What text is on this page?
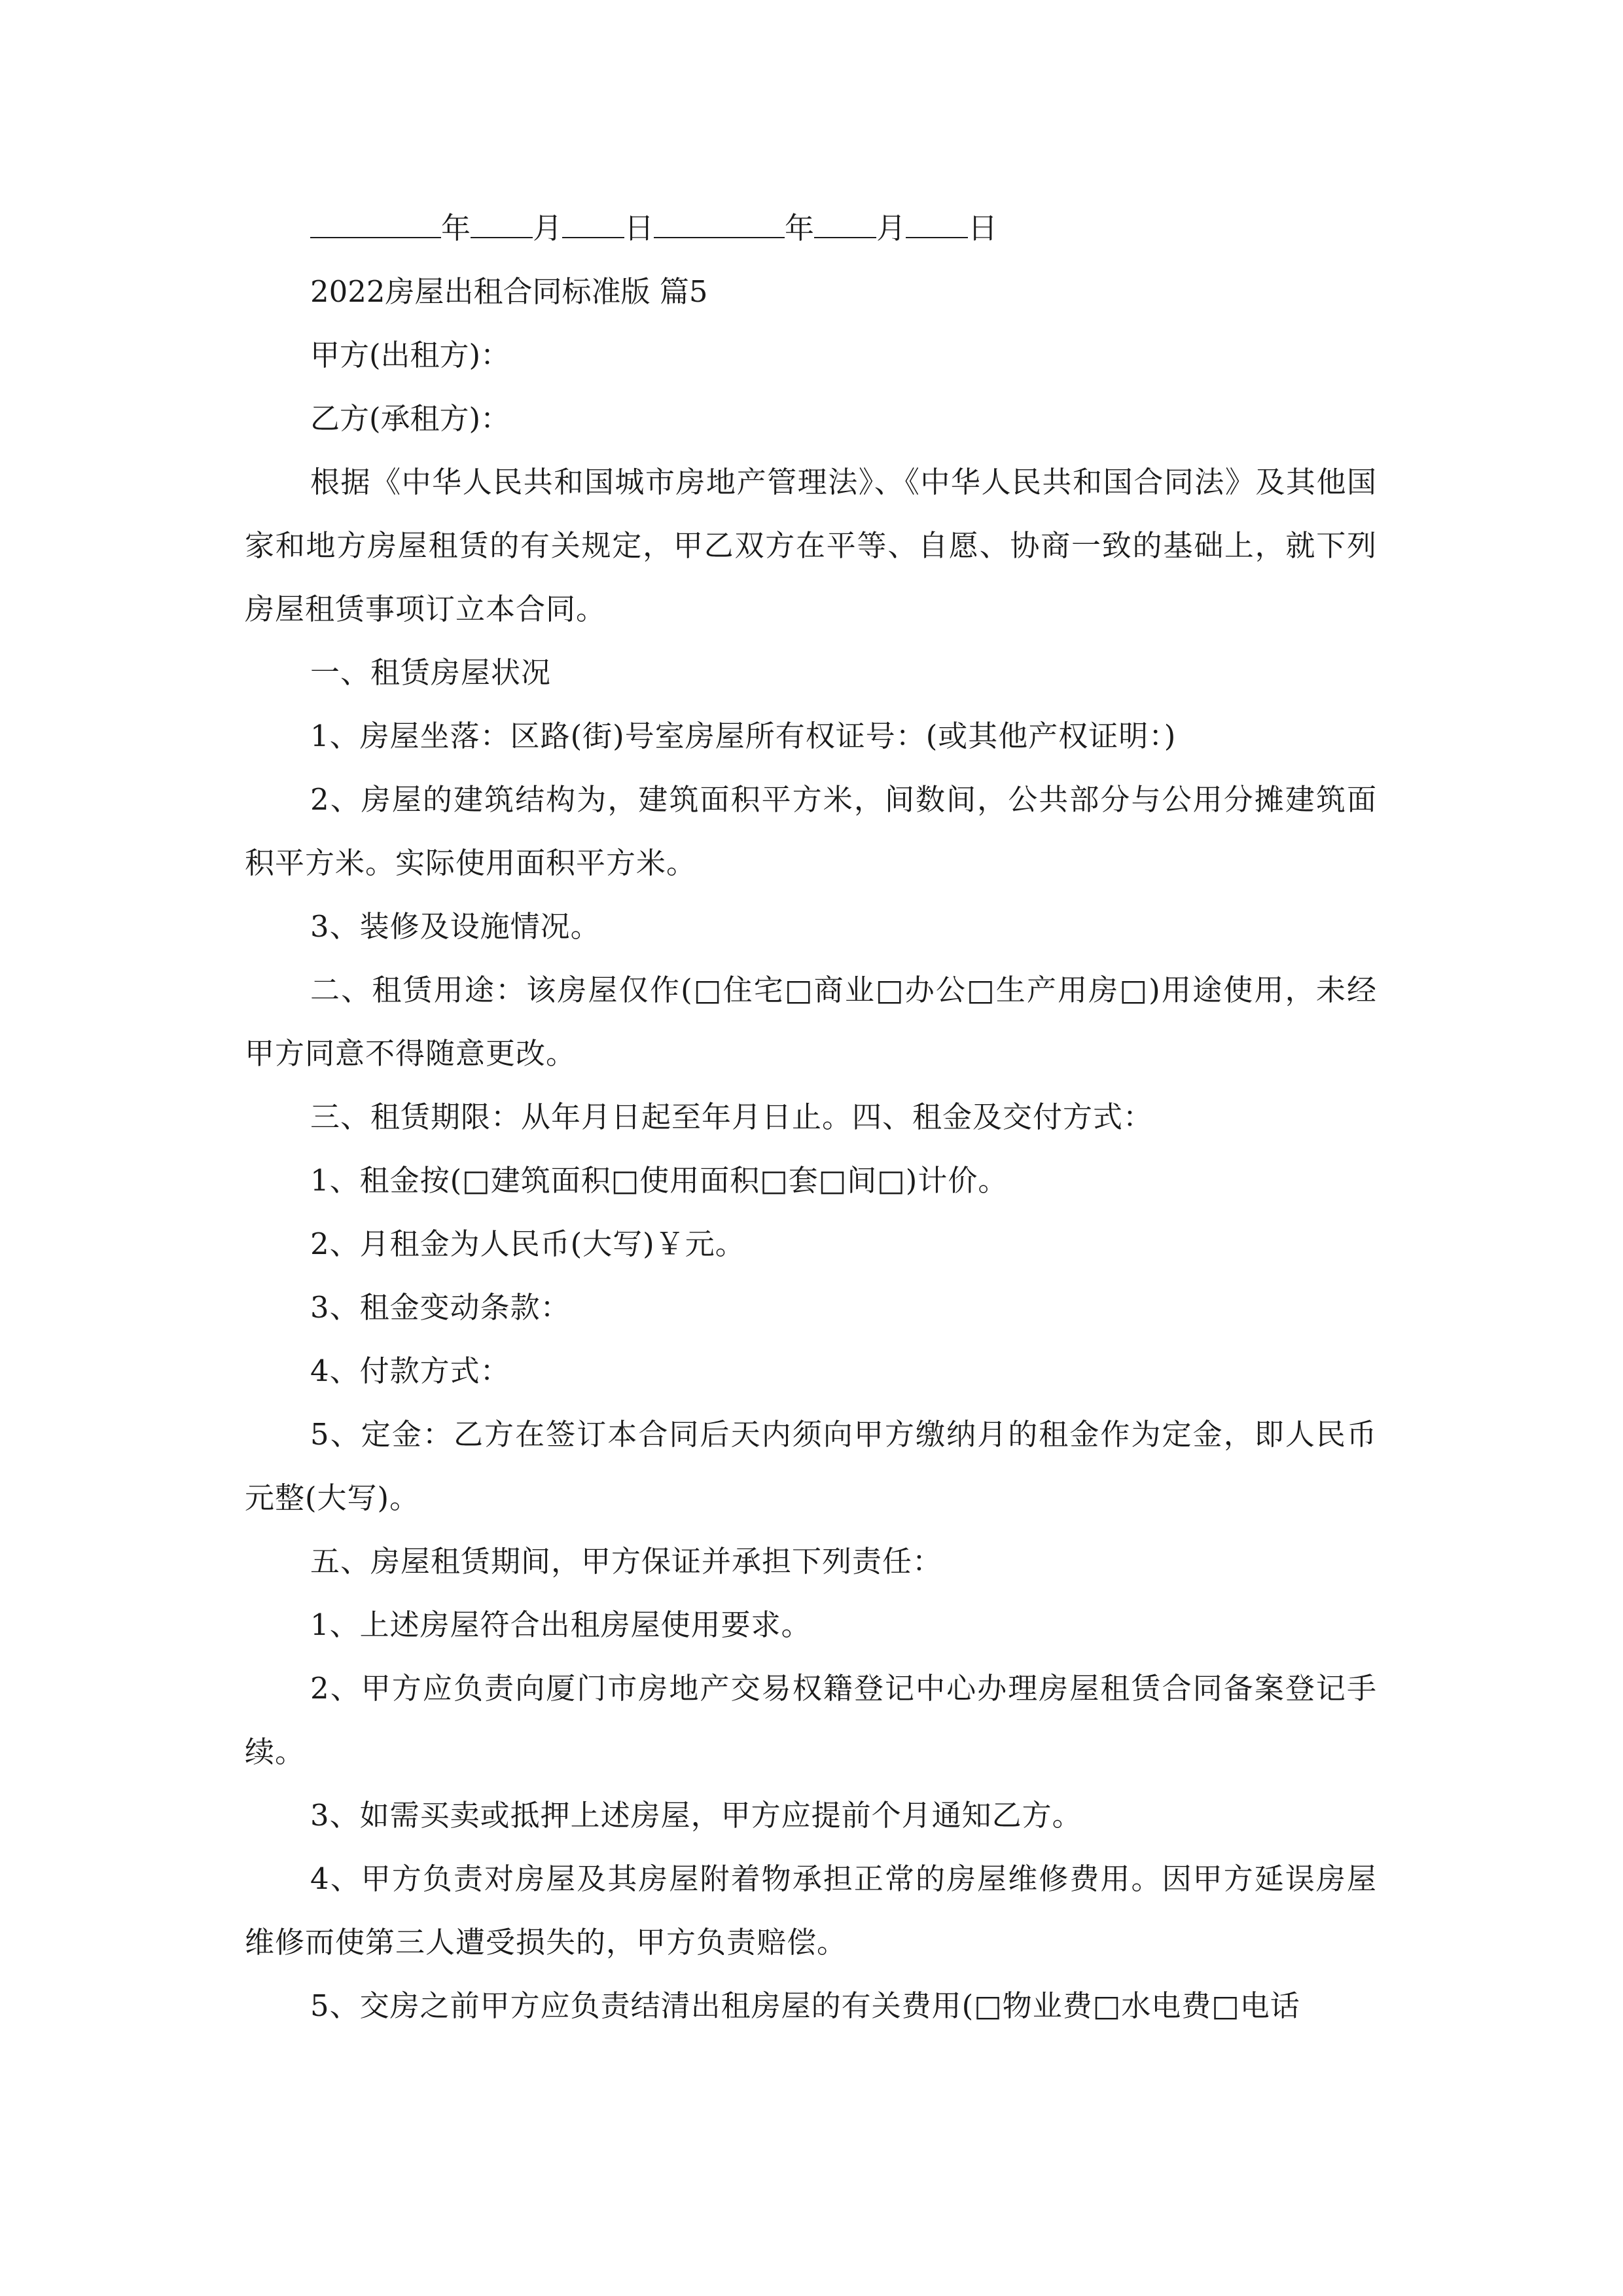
年 月 日	年 月 日

2022房屋出租合同标准版 篇5

甲方(出租方)：

乙方(承租方)：

根据《中华人民共和国城市房地产管理法》、《中华人民共和国合同法》及其他国家和地方房屋租赁的有关规定，甲乙双方在平等、自愿、协商一致的基础上，就下列房屋租赁事项订立本合同。

一、租赁房屋状况

1、房屋坐落：区路(街)号室房屋所有权证号：(或其他产权证明：)

2、房屋的建筑结构为，建筑面积平方米，间数间，公共部分与公用分摊建筑面积平方米。实际使用面积平方米。

3、装修及设施情况。

二、租赁用途：该房屋仅作(□住宅□商业□办公□生产用房□)用途使用，未经甲方同意不得随意更改。

三、租赁期限：从年月日起至年月日止。四、租金及交付方式：

1、租金按(□建筑面积□使用面积□套□间□)计价。

2、月租金为人民币(大写)￥元。

3、租金变动条款：

4、付款方式：

5、定金：乙方在签订本合同后天内须向甲方缴纳月的租金作为定金，即人民币元整(大写)。

五、房屋租赁期间，甲方保证并承担下列责任：

1、上述房屋符合出租房屋使用要求。

2、甲方应负责向厦门市房地产交易权籍登记中心办理房屋租赁合同备案登记手续。

3、如需买卖或抵押上述房屋，甲方应提前个月通知乙方。

4、甲方负责对房屋及其房屋附着物承担正常的房屋维修费用。因甲方延误房屋维修而使第三人遭受损失的，甲方负责赔偿。

5、交房之前甲方应负责结清出租房屋的有关费用(□物业费□水电费□电话
